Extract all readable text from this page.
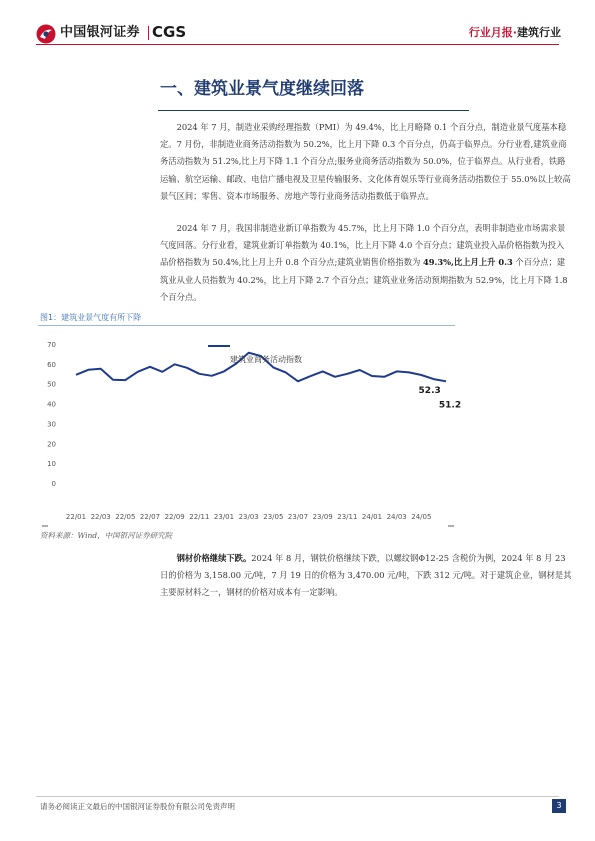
中国银河证券 CGS	行业月报·建筑行业
一、建筑业景气度继续回落
2024 年 7 月，制造业采购经理指数（PMI）为 49.4%，比上月略降 0.1 个百分点，制造业景气度基本稳定。7 月份，非制造业商务活动指数为 50.2%，比上月下降 0.3 个百分点，仍高于临界点。分行业看,建筑业商务活动指数为 51.2%,比上月下降 1.1 个百分点;服务业商务活动指数为 50.0%，位于临界点。从行业看，铁路运输、航空运输、邮政、电信广播电视及卫星传输服务、文化体育娱乐等行业商务活动指数位于 55.0%以上较高景气区间；零售、资本市场服务、房地产等行业商务活动指数低于临界点。
2024 年 7 月，我国非制造业新订单指数为 45.7%，比上月下降 1.0 个百分点，表明非制造业市场需求景气度回落。分行业看，建筑业新订单指数为 40.1%，比上月下降 4.0 个百分点；建筑业投入品价格指数为投入品价格指数为 50.4%,比上月上升 0.8 个百分点;建筑业销售价格指数为 49.3%,比上月上升 0.3 个百分点；建筑业从业人员指数为 40.2%，比上月下降 2.7 个百分点；建筑业业务活动预期指数为 52.9%，比上月下降 1.8 个百分点。
图1：建筑业景气度有所下降
0
10
20
30
40
50
60
70
22/01 22/03 22/05 22/07 22/09 22/11 23/01 23/03 23/05 23/07 23/09 23/11 24/01 24/03 24/05
建筑业商务活动指数
52.3
51.2
资料来源：Wind，中国银河证券研究院
钢材价格继续下跌。2024 年 8 月，钢铁价格继续下跌，以螺纹钢Φ12-25 含税价为例，2024 年 8 月 23 日的价格为 3,158.00 元/吨，7 月 19 日的价格为 3,470.00 元/吨，下跌 312 元/吨。对于建筑企业，钢材是其主要原材料之一，钢材的价格对成本有一定影响。
请务必阅读正文最后的中国银河证券股份有限公司免责声明	3
